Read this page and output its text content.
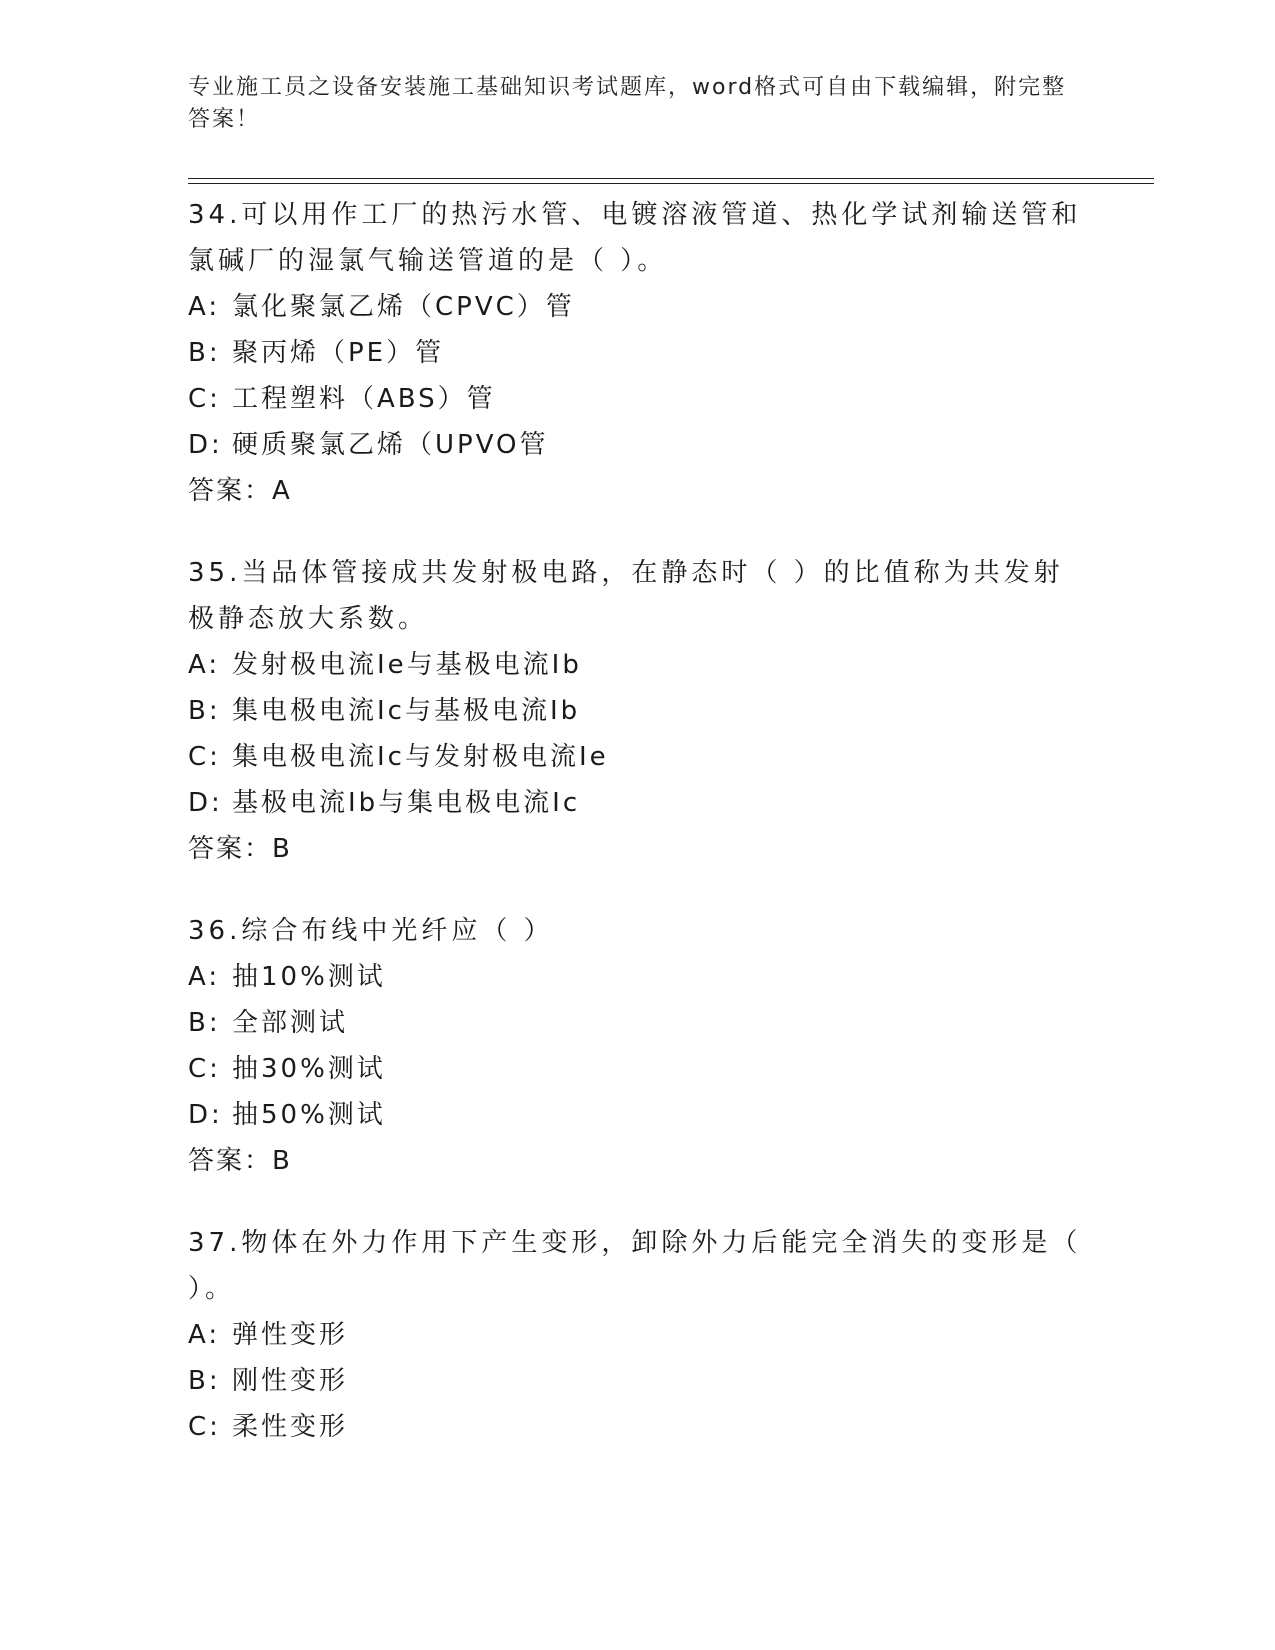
专业施工员之设备安装施工基础知识考试题库，word格式可自由下载编辑，附完整答案！
34.可以用作工厂的热污水管、电镀溶液管道、热化学试剂输送管和氯碱厂的湿氯气输送管道的是（ ）。
A: 氯化聚氯乙烯（CPVC）管
B: 聚丙烯（PE）管
C: 工程塑料（ABS）管
D: 硬质聚氯乙烯（UPVO管
答案：A
35.当品体管接成共发射极电路，在静态时（ ）的比值称为共发射极静态放大系数。
A: 发射极电流Ie与基极电流Ib
B: 集电极电流Ic与基极电流Ib
C: 集电极电流Ic与发射极电流Ie
D: 基极电流Ib与集电极电流Ic
答案：B
36.综合布线中光纤应（ ）
A: 抽10%测试
B: 全部测试
C: 抽30%测试
D: 抽50%测试
答案：B
37.物体在外力作用下产生变形，卸除外力后能完全消失的变形是（ ）。
A: 弹性变形
B: 刚性变形
C: 柔性变形
